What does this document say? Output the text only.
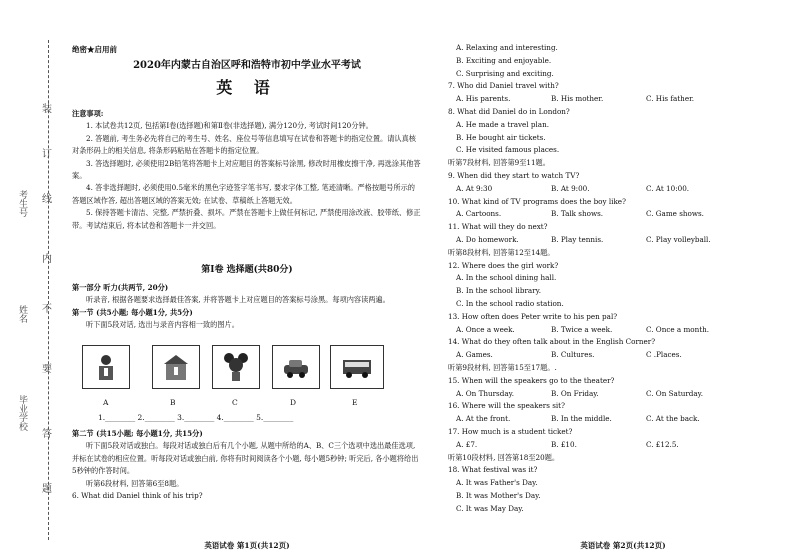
装
订
线
内
不
要
答
题
考生号
姓名
毕业学校
绝密★启用前
2020年内蒙古自治区呼和浩特市初中学业水平考试
英 语
注意事项:
1. 本试卷共12页, 包括第Ⅰ卷(选择题)和第Ⅱ卷(非选择题), 满分120分, 考试时间120分钟。
2. 答题前, 考生务必先将自己的考生号、姓名、座位号等信息填写在试卷和答题卡的指定位置。请认真核对条形码上的相关信息, 将条形码粘贴在答题卡的指定位置。
3. 答选择题时, 必须使用2B铅笔将答题卡上对应题目的答案标号涂黑, 修改时用橡皮擦干净, 再选涂其他答案。
4. 答非选择题时, 必须使用0.5毫米的黑色字迹签字笔书写, 要求字体工整, 笔迹清晰。严格按题号所示的答题区域作答, 超出答题区域的答案无效; 在试卷、草稿纸上答题无效。
5. 保持答题卡清洁、完整, 严禁折叠、损坏。严禁在答题卡上做任何标记, 严禁使用涂改液、胶带纸、修正带。考试结束后, 将本试卷和答题卡一并交回。
第Ⅰ卷 选择题(共80分)
第一部分 听力(共两节, 20分)
听录音, 根据各题要求选择最佳答案, 并将答题卡上对应题目的答案标号涂黑。每项内容读两遍。
第一节 (共5小题; 每小题1分, 共5分)
听下面5段对话, 选出与录音内容相一致的图片。
A	B	C	D	E
1.________ 2.________ 3.________ 4.________ 5.________
第二节 (共15小题; 每小题1分, 共15分)
听下面5段对话或独白。每段对话或独白后有几个小题, 从题中所给的A、B、C三个选项中选出最佳选项, 并标在试卷的相应位置。听每段对话或独白前, 你将有时间阅读各个小题, 每小题5秒钟; 听完后, 各小题将给出5秒钟的作答时间。
听第6段材料, 回答第6至8题。
6. What did Daniel think of his trip?
英语试卷 第1页(共12页)
A. Relaxing and interesting.
B. Exciting and enjoyable.
C. Surprising and exciting.
7. Who did Daniel travel with?
A. His parents.	B. His mother.	C. His father.
8. What did Daniel do in London?
A. He made a travel plan.
B. He bought air tickets.
C. He visited famous places.
听第7段材料, 回答第9至11题。
9. When did they start to watch TV?
A. At 9:30	B. At 9:00.	C. At 10:00.
10. What kind of TV programs does the boy like?
A. Cartoons.	B. Talk shows.	C. Game shows.
11. What will they do next?
A. Do homework.	B. Play tennis.	C. Play volleyball.
听第8段材料, 回答第12至14题。
12. Where does the girl work?
A. In the school dining hall.
B. In the school library.
C. In the school radio station.
13. How often does Peter write to his pen pal?
A. Once a week.	B. Twice a week.	C. Once a month.
14. What do they often talk about in the English Corner?
A. Games.	B. Cultures.	C .Places.
听第9段材料, 回答第15至17题。.
15. When will the speakers go to the theater?
A. On Thursday.	B. On Friday.	C. On Saturday.
16. Where will the speakers sit?
A. At the front.	B. In the middle.	C. At the back.
17. How much is a student ticket?
A. £7.	B. £10.	C. £12.5.
听第10段材料, 回答第18至20题。
18. What festival was it?
A. It was Father's Day.
B. It was Mother's Day.
C. It was May Day.
英语试卷 第2页(共12页)
